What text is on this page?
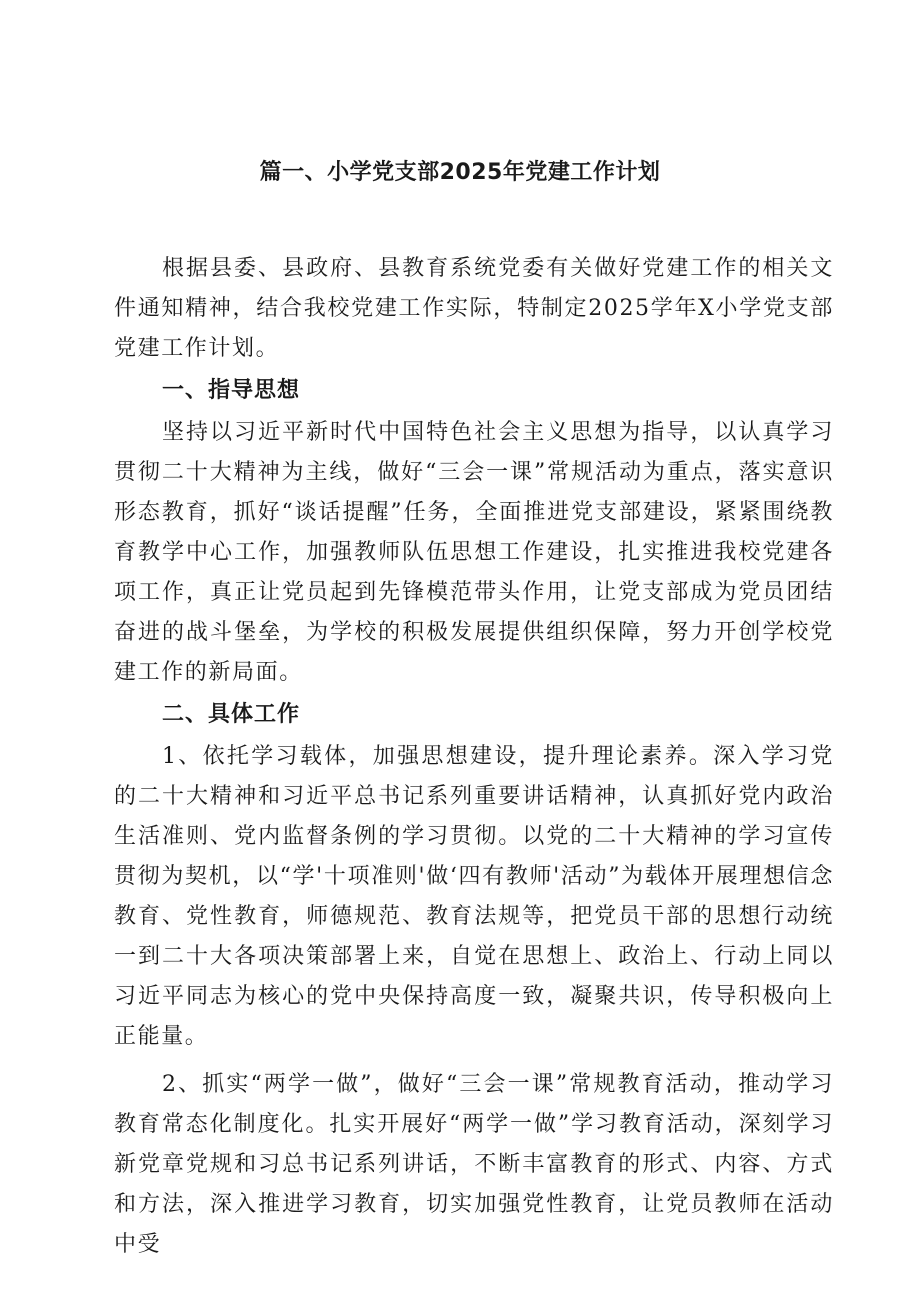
篇一、小学党支部2025年党建工作计划

根据县委、县政府、县教育系统党委有关做好党建工作的相关文件通知精神，结合我校党建工作实际，特制定2025学年X小学党支部党建工作计划。

一、指导思想

坚持以习近平新时代中国特色社会主义思想为指导，以认真学习贯彻二十大精神为主线，做好“三会一课”常规活动为重点，落实意识形态教育，抓好“谈话提醒”任务，全面推进党支部建设，紧紧围绕教育教学中心工作，加强教师队伍思想工作建设，扎实推进我校党建各项工作，真正让党员起到先锋模范带头作用，让党支部成为党员团结奋进的战斗堡垒，为学校的积极发展提供组织保障，努力开创学校党建工作的新局面。

二、具体工作

1、依托学习载体，加强思想建设，提升理论素养。深入学习党的二十大精神和习近平总书记系列重要讲话精神，认真抓好党内政治生活准则、党内监督条例的学习贯彻。以党的二十大精神的学习宣传贯彻为契机，以“学'十项准则'做‘四有教师'活动”为载体开展理想信念教育、党性教育，师德规范、教育法规等，把党员干部的思想行动统一到二十大各项决策部署上来，自觉在思想上、政治上、行动上同以习近平同志为核心的党中央保持高度一致，凝聚共识，传导积极向上正能量。

2、抓实“两学一做”，做好“三会一课”常规教育活动，推动学习教育常态化制度化。扎实开展好“两学一做”学习教育活动，深刻学习新党章党规和习总书记系列讲话，不断丰富教育的形式、内容、方式和方法，深入推进学习教育，切实加强党性教育，让党员教师在活动中受
